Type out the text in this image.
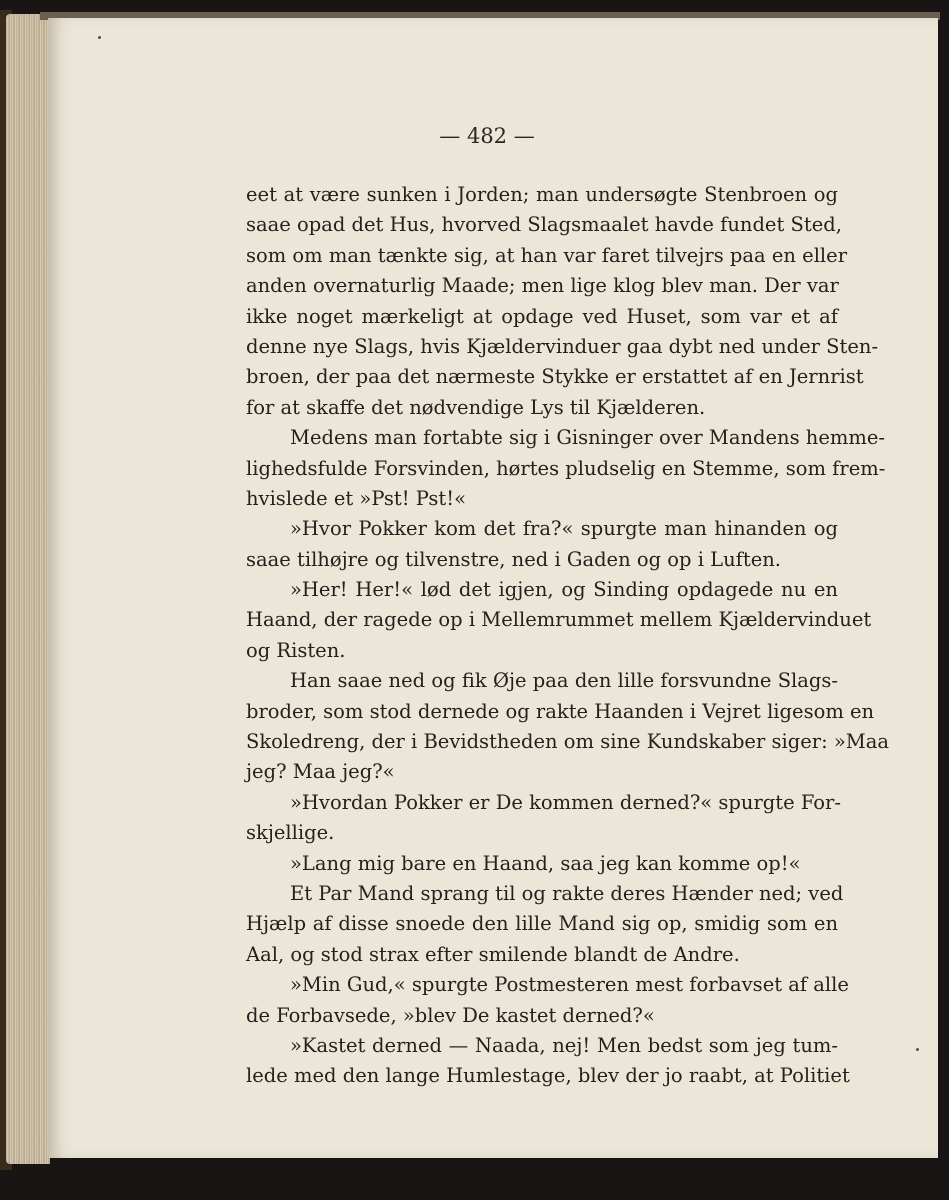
— 482 —
eet at være sunken i Jorden; man undersøgte Stenbroen og
saae opad det Hus, hvorved Slagsmaalet havde fundet Sted,
som om man tænkte sig, at han var faret tilvejrs paa en eller
anden overnaturlig Maade; men lige klog blev man. Der var
ikke noget mærkeligt at opdage ved Huset, som var et af
denne nye Slags, hvis Kjældervinduer gaa dybt ned under Sten-
broen, der paa det nærmeste Stykke er erstattet af en Jernrist
for at skaffe det nødvendige Lys til Kjælderen.
Medens man fortabte sig i Gisninger over Mandens hemme-
lighedsfulde Forsvinden, hørtes pludselig en Stemme, som frem-
hvislede et »Pst! Pst!«
»Hvor Pokker kom det fra?« spurgte man hinanden og
saae tilhøjre og tilvenstre, ned i Gaden og op i Luften.
»Her! Her!« lød det igjen, og Sinding opdagede nu en
Haand, der ragede op i Mellemrummet mellem Kjældervinduet
og Risten.
Han saae ned og fik Øje paa den lille forsvundne Slags-
broder, som stod dernede og rakte Haanden i Vejret ligesom en
Skoledreng, der i Bevidstheden om sine Kundskaber siger: »Maa
jeg? Maa jeg?«
»Hvordan Pokker er De kommen derned?« spurgte For-
skjellige.
»Lang mig bare en Haand, saa jeg kan komme op!«
Et Par Mand sprang til og rakte deres Hænder ned; ved
Hjælp af disse snoede den lille Mand sig op, smidig som en
Aal, og stod strax efter smilende blandt de Andre.
»Min Gud,« spurgte Postmesteren mest forbavset af alle
de Forbavsede, »blev De kastet derned?«
»Kastet derned — Naada, nej! Men bedst som jeg tum-
lede med den lange Humlestage, blev der jo raabt, at Politiet
